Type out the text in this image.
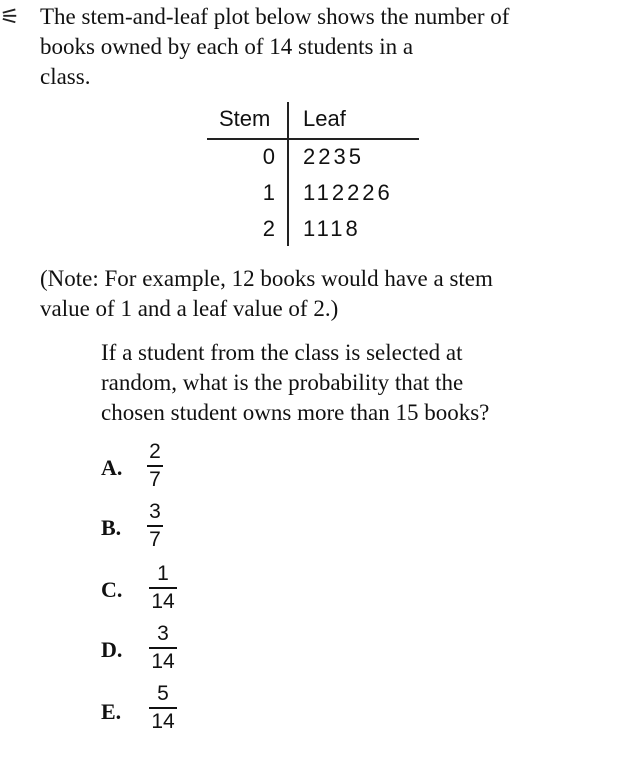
⚟ The stem-and-leaf plot below shows the number of

books owned by each of 14 students in a

class.

Stem Leaf
0 2235
1 112226
2 1118

(Note: For example, 12 books would have a stem

value of 1 and a leaf value of 2.)

If a student from the class is selected at

random, what is the probability that the

chosen student owns more than 15 books?

A.
2
7
B.
3
7
C.
1
14
D.
3
14
E.
5
14
